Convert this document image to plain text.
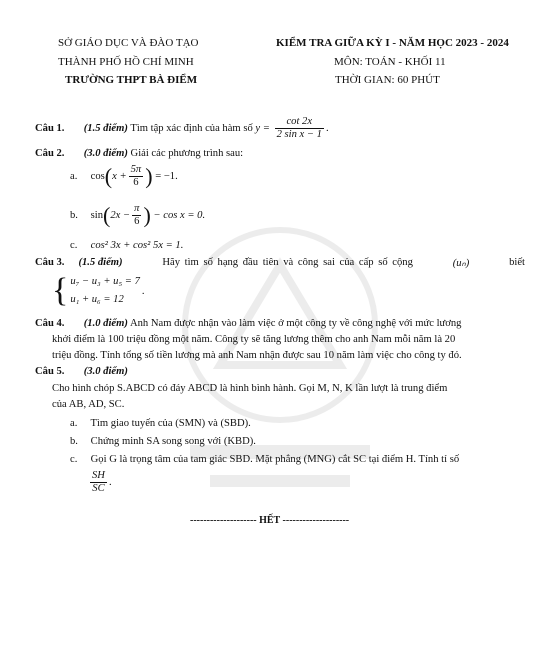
SỞ GIÁO DỤC VÀ ĐÀO TẠO
THÀNH PHỐ HỒ CHÍ MINH
TRƯỜNG THPT BÀ ĐIỂM
KIỂM TRA GIỮA KỲ I - NĂM HỌC 2023 - 2024
MÔN: TOÁN - KHỐI 11
THỜI GIAN: 60 PHÚT
Câu 1. (1.5 điểm) Tìm tập xác định của hàm số $y = \frac{\cot 2x}{\text{2 sin x − 1}}$ .
Câu 2. (3.0 điểm) Giải các phương trình sau:
a. $\cos(x + \frac{5\pi}{6}$ ) = −1.
b. $\sin(2x - \frac{\pi}{6}$ ) − cos x = 0.
c. cos² 3x + cos² 5x = 1.
Câu 3. (1.5 điểm)	Hãy tìm số hạng đầu tiên và công sai của cấp số cộng	(uₙ)	biết
{ u₇ − u₃ + u₅ = 7
u₁ + u₆ = 12
.
Câu 4. (1.0 điểm) Anh Nam được nhận vào làm việc ở một công ty về công nghệ với mức lương
khởi điểm là 100 triệu đồng một năm. Công ty sẽ tăng lương thêm cho anh Nam mỗi năm là 20
triệu đồng. Tính tổng số tiền lương mà anh Nam nhận được sau 10 năm làm việc cho công ty đó.
Câu 5. (3.0 điểm)
Cho hình chóp S.ABCD có đáy ABCD là hình bình hành. Gọi M, N, K lần lượt là trung điểm
của AB, AD, SC.
a. Tìm giao tuyến của (SMN) và (SBD).
b. Chứng minh SA song song với (KBD).
c. Gọi G là trọng tâm của tam giác SBD. Mặt phẳng (MNG) cắt SC tại điểm H. Tính tỉ số
$\frac{SH}{SC}$ .
-------------------- HẾT --------------------
